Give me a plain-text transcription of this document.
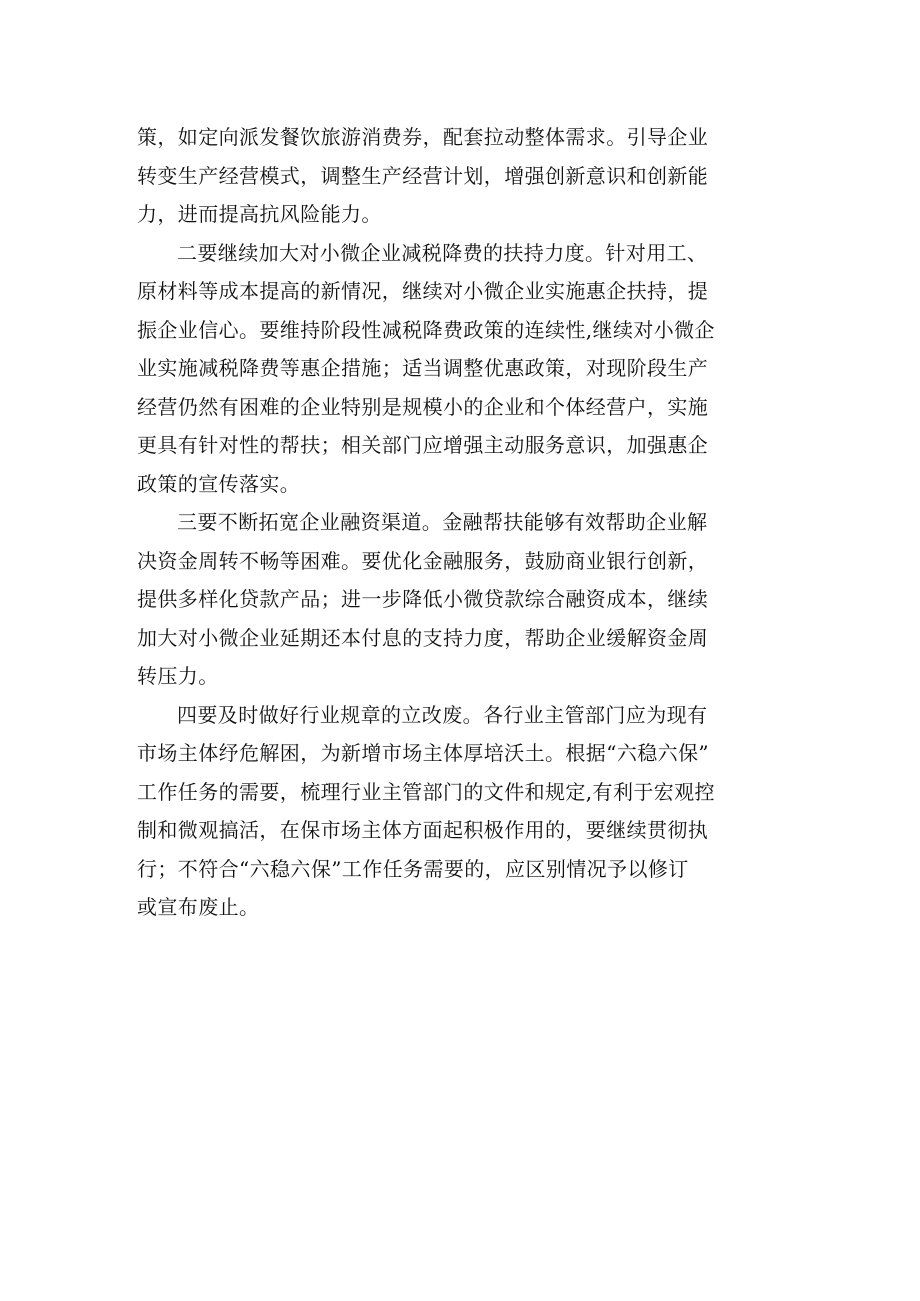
策，如定向派发餐饮旅游消费券，配套拉动整体需求。引导企业
转变生产经营模式，调整生产经营计划，增强创新意识和创新能
力，进而提高抗风险能力。
二要继续加大对小微企业减税降费的扶持力度。针对用工、
原材料等成本提高的新情况，继续对小微企业实施惠企扶持，提
振企业信心。要维持阶段性减税降费政策的连续性,继续对小微企
业实施减税降费等惠企措施；适当调整优惠政策，对现阶段生产
经营仍然有困难的企业特别是规模小的企业和个体经营户，实施
更具有针对性的帮扶；相关部门应增强主动服务意识，加强惠企
政策的宣传落实。
三要不断拓宽企业融资渠道。金融帮扶能够有效帮助企业解
决资金周转不畅等困难。要优化金融服务，鼓励商业银行创新，
提供多样化贷款产品；进一步降低小微贷款综合融资成本，继续
加大对小微企业延期还本付息的支持力度，帮助企业缓解资金周
转压力。
四要及时做好行业规章的立改废。各行业主管部门应为现有
市场主体纾危解困，为新增市场主体厚培沃土。根据“六稳六保”
工作任务的需要，梳理行业主管部门的文件和规定,有利于宏观控
制和微观搞活，在保市场主体方面起积极作用的，要继续贯彻执
行；不符合“六稳六保”工作任务需要的，应区别情况予以修订
或宣布废止。
